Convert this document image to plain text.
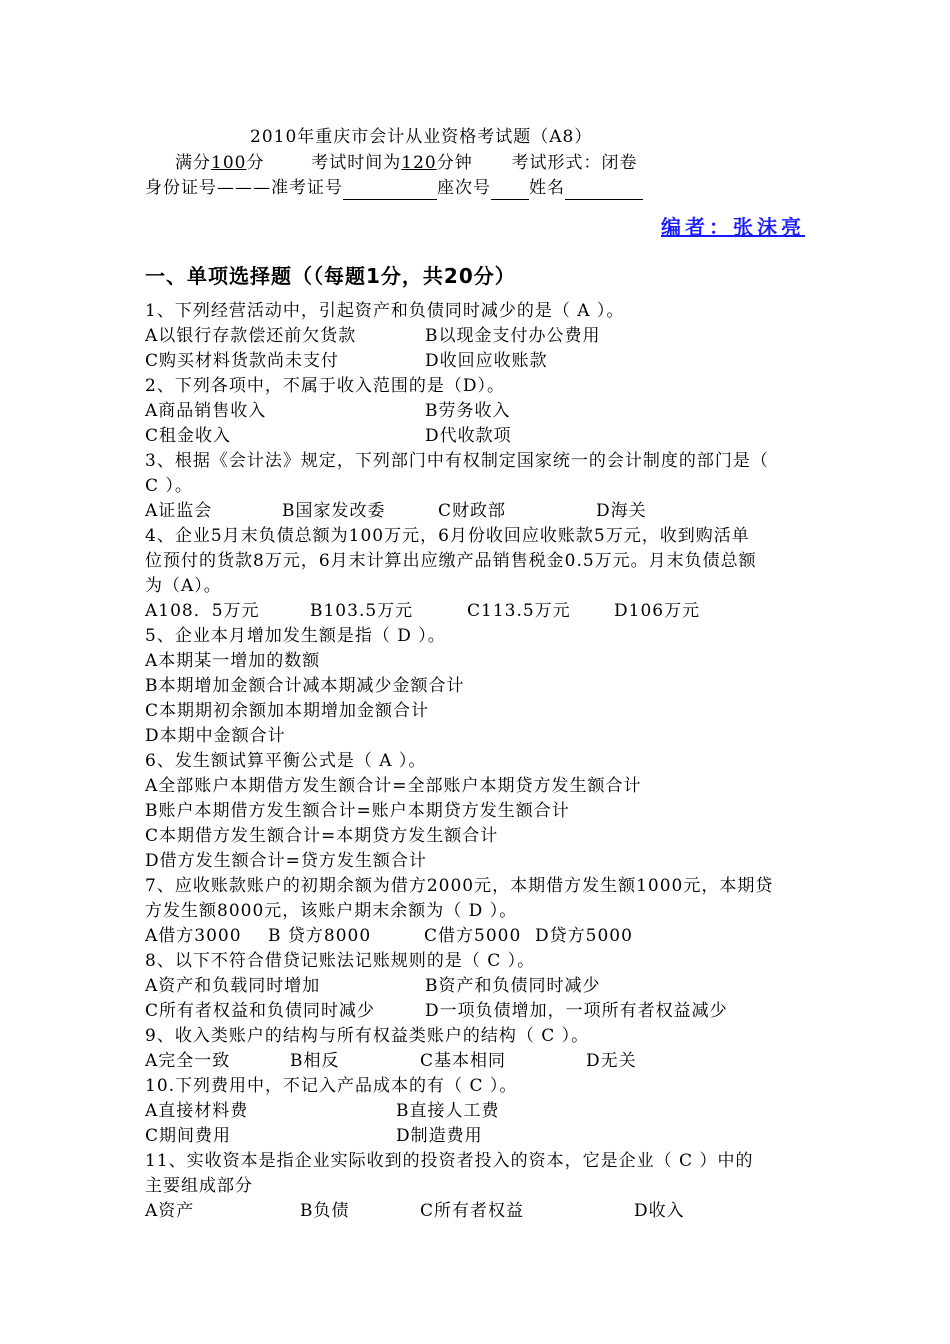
2010年重庆市会计从业资格考试题（A8）
满分100分	考试时间为120分钟 考试形式：闭卷
身份证号———准考证号	座次号 姓名
编者：张沫亮
一、单项选择题（（每题1分，共20分）
1、下列经营活动中，引起资产和负债同时减少的是（ A ）。
A以银行存款偿还前欠货款	B以现金支付办公费用
C购买材料货款尚未支付	D收回应收账款
2、下列各项中，不属于收入范围的是（D）。
A商品销售收入	B劳务收入
C租金收入	D代收款项
3、根据《会计法》规定，下列部门中有权制定国家统一的会计制度的部门是（
C ）。
A证监会	B国家发改委	C财政部	D海关
4、企业5月末负债总额为100万元，6月份收回应收账款5万元，收到购活单
位预付的货款8万元，6月末计算出应缴产品销售税金0.5万元。月末负债总额
为（A）。
A108．5万元	B103.5万元	C113.5万元	D106万元
5、企业本月增加发生额是指（ D ）。
A本期某一增加的数额
B本期增加金额合计减本期减少金额合计
C本期期初余额加本期增加金额合计
D本期中金额合计
6、发生额试算平衡公式是（ A ）。
A全部账户本期借方发生额合计=全部账户本期贷方发生额合计
B账户本期借方发生额合计=账户本期贷方发生额合计
C本期借方发生额合计=本期贷方发生额合计
D借方发生额合计=贷方发生额合计
7、应收账款账户的初期余额为借方2000元，本期借方发生额1000元，本期贷
方发生额8000元，该账户期末余额为（ D ）。
A借方3000 B 贷方8000	C借方5000 D贷方5000
8、以下不符合借贷记账法记账规则的是（ C ）。
A资产和负载同时增加	B资产和负债同时减少
C所有者权益和负债同时减少	D一项负债增加，一项所有者权益减少
9、收入类账户的结构与所有权益类账户的结构（ C ）。
A完全一致	B相反	C基本相同	D无关
10.下列费用中，不记入产品成本的有（ C ）。
A直接材料费	B直接人工费
C期间费用	D制造费用
11、实收资本是指企业实际收到的投资者投入的资本，它是企业（ C ）中的
主要组成部分
A资产	B负债	C所有者权益	D收入
